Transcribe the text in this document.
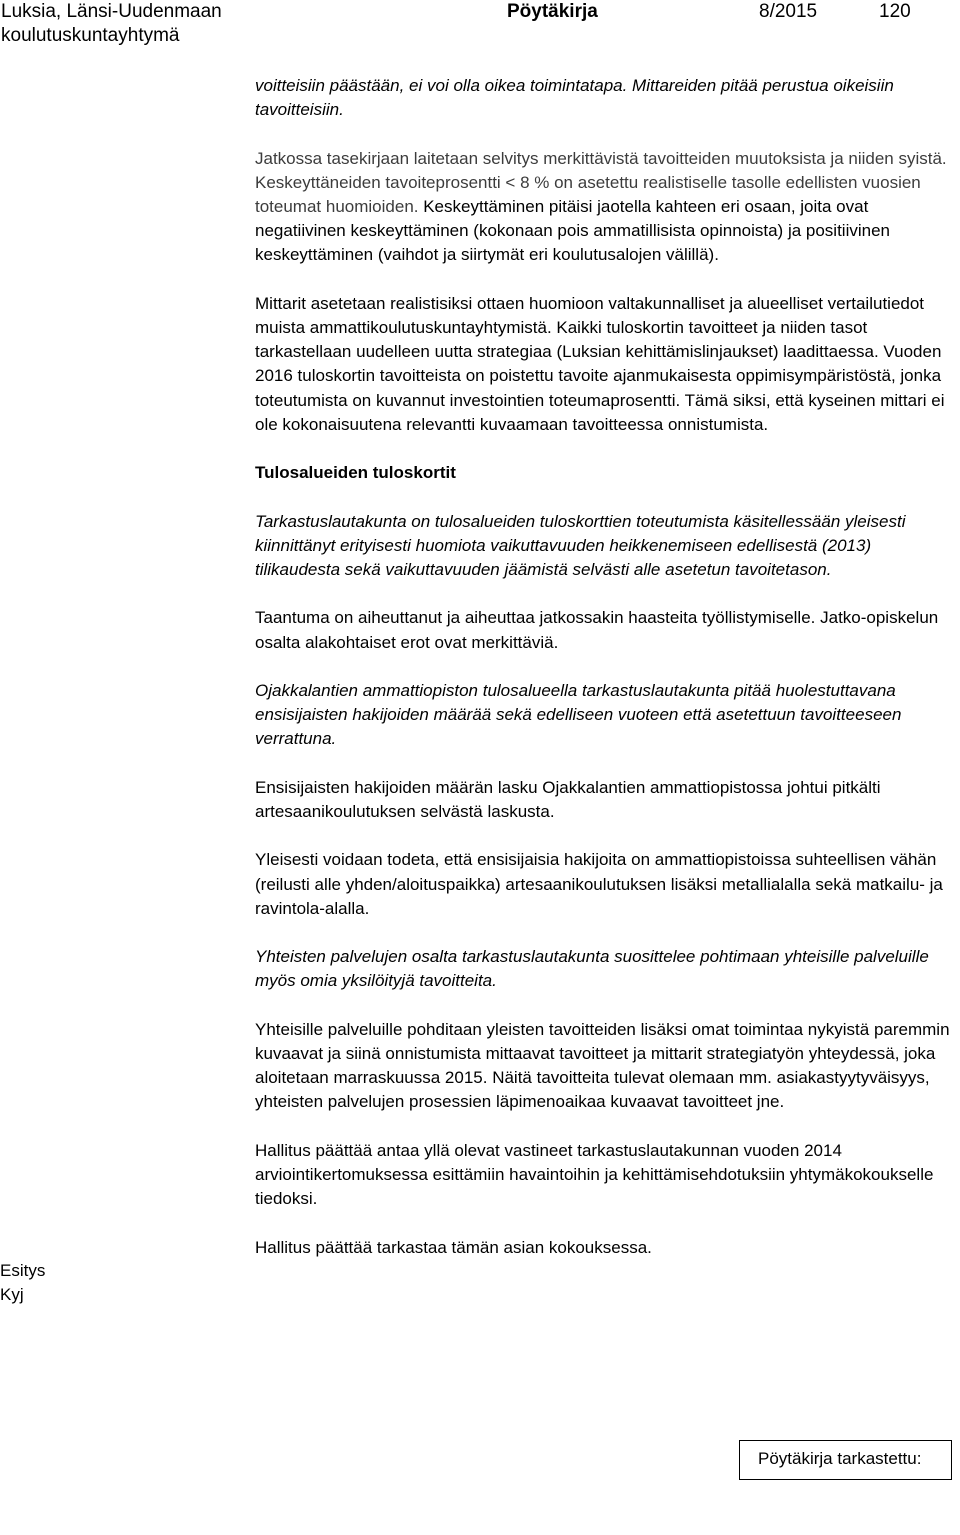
Luksia, Länsi-Uudenmaan
koulutuskuntayhtymä
Pöytäkirja	8/2015	120

voitteisiin päästään, ei voi olla oikea toimintatapa. Mittareiden pitää perustua oikeisiin tavoitteisiin.

Jatkossa tasekirjaan laitetaan selvitys merkittävistä tavoitteiden muutoksista ja niiden syistä. Keskeyttäneiden tavoiteprosentti < 8 % on asetettu realistiselle tasolle edellisten vuosien toteumat huomioiden. Keskeyttäminen pitäisi jaotella kahteen eri osaan, joita ovat negatiivinen keskeyttäminen (kokonaan pois ammatillisista opinnoista) ja positiivinen keskeyttäminen (vaihdot ja siirtymät eri koulutusalojen välillä).

Mittarit asetetaan realistisiksi ottaen huomioon valtakunnalliset ja alueelliset vertailutiedot muista ammattikoulutuskuntayhtymistä. Kaikki tuloskortin tavoitteet ja niiden tasot tarkastellaan uudelleen uutta strategiaa (Luksian kehittämislinjaukset) laadittaessa. Vuoden 2016 tuloskortin tavoitteista on poistettu tavoite ajanmukaisesta oppimisympäristöstä, jonka toteutumista on kuvannut investointien toteumaprosentti. Tämä siksi, että kyseinen mittari ei ole kokonaisuutena relevantti kuvaamaan tavoitteessa onnistumista.

Tulosalueiden tuloskortit

Tarkastuslautakunta on tulosalueiden tuloskorttien toteutumista käsitellessään yleisesti kiinnittänyt erityisesti huomiota vaikuttavuuden heikkenemiseen edellisestä (2013) tilikaudesta sekä vaikuttavuuden jäämistä selvästi alle asetetun tavoitetason.

Taantuma on aiheuttanut ja aiheuttaa jatkossakin haasteita työllistymiselle. Jatko-opiskelun osalta alakohtaiset erot ovat merkittäviä.

Ojakkalantien ammattiopiston tulosalueella tarkastuslautakunta pitää huolestuttavana ensisijaisten hakijoiden määrää sekä edelliseen vuoteen että asetettuun tavoitteeseen verrattuna.

Ensisijaisten hakijoiden määrän lasku Ojakkalantien ammattiopistossa johtui pitkälti artesaanikoulutuksen selvästä laskusta.

Yleisesti voidaan todeta, että ensisijaisia hakijoita on ammattiopistoissa suhteellisen vähän (reilusti alle yhden/aloituspaikka) artesaanikoulutuksen lisäksi metallialalla sekä matkailu- ja ravintola-alalla.

Yhteisten palvelujen osalta tarkastuslautakunta suosittelee pohtimaan yhteisille palveluille myös omia yksilöityjä tavoitteita.

Yhteisille palveluille pohditaan yleisten tavoitteiden lisäksi omat toimintaa nykyistä paremmin kuvaavat ja siinä onnistumista mittaavat tavoitteet ja mittarit strategiatyön yhteydessä, joka aloitetaan marraskuussa 2015. Näitä tavoitteita tulevat olemaan mm. asiakastyytyväisyys, yhteisten palvelujen prosessien läpimenoaikaa kuvaavat tavoitteet jne.

Hallitus päättää antaa yllä olevat vastineet tarkastuslautakunnan vuoden 2014 arviointikertomuksessa esittämiin havaintoihin ja kehittämisehdotuksiin yhtymäkokoukselle tiedoksi.

Hallitus päättää tarkastaa tämän asian kokouksessa.

Esitys
Kyj
Pöytäkirja tarkastettu:
